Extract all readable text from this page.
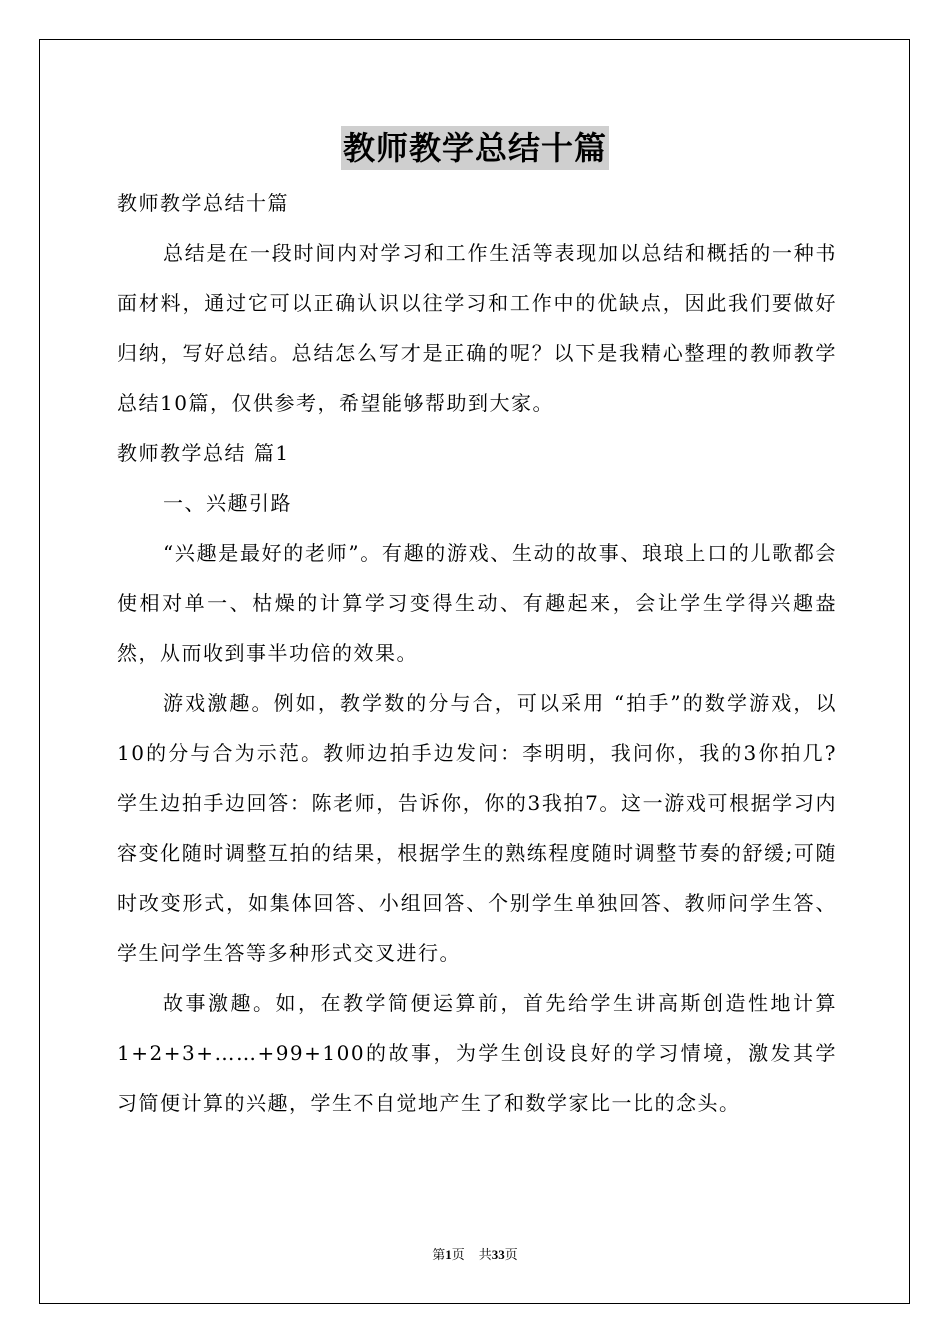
教师教学总结十篇

教师教学总结十篇

总结是在一段时间内对学习和工作生活等表现加以总结和概括的一种书面材料，通过它可以正确认识以往学习和工作中的优缺点，因此我们要做好归纳，写好总结。总结怎么写才是正确的呢？以下是我精心整理的教师教学总结10篇，仅供参考，希望能够帮助到大家。

教师教学总结 篇1

一、兴趣引路

“兴趣是最好的老师”。有趣的游戏、生动的故事、琅琅上口的儿歌都会使相对单一、枯燥的计算学习变得生动、有趣起来，会让学生学得兴趣盎然，从而收到事半功倍的效果。

游戏激趣。例如，教学数的分与合，可以采用 “拍手”的数学游戏，以10的分与合为示范。教师边拍手边发问：李明明，我问你，我的3你拍几?学生边拍手边回答：陈老师，告诉你，你的3我拍7。这一游戏可根据学习内容变化随时调整互拍的结果，根据学生的熟练程度随时调整节奏的舒缓;可随时改变形式，如集体回答、小组回答、个别学生单独回答、教师问学生答、学生问学生答等多种形式交叉进行。

故事激趣。如，在教学简便运算前，首先给学生讲高斯创造性地计算1+2+3+……+99+100的故事，为学生创设良好的学习情境，激发其学习简便计算的兴趣，学生不自觉地产生了和数学家比一比的念头。

第1页 共33页
